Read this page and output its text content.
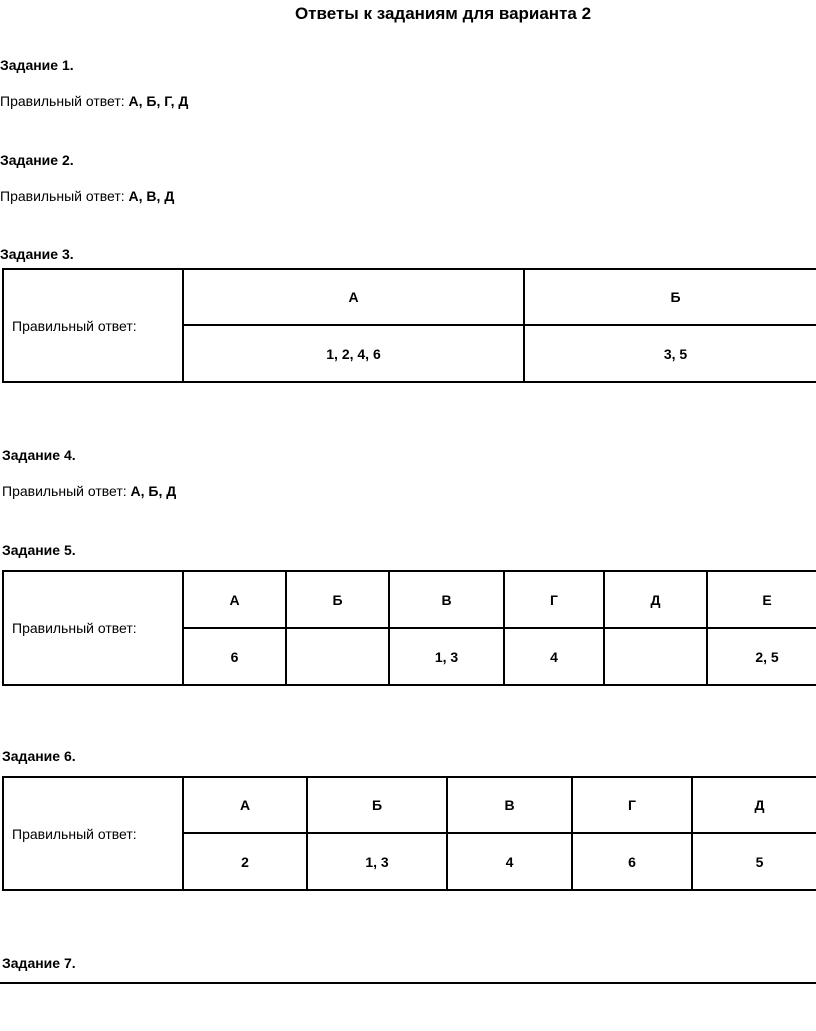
Ответы к заданиям для варианта 2
Задание 1.
Правильный ответ: А, Б, Г, Д
Задание 2.
Правильный ответ: А, В, Д
Задание 3.
Правильный ответ:	А	Б
	1, 2, 4, 6	3, 5
Задание 4.
Правильный ответ: А, Б, Д
Задание 5.
Правильный ответ:	А	Б	В	Г	Д	Е
	6		1, 3	4		2, 5
Задание 6.
Правильный ответ:	А	Б	В	Г	Д
	2	1, 3	4	6	5
Задание 7.
